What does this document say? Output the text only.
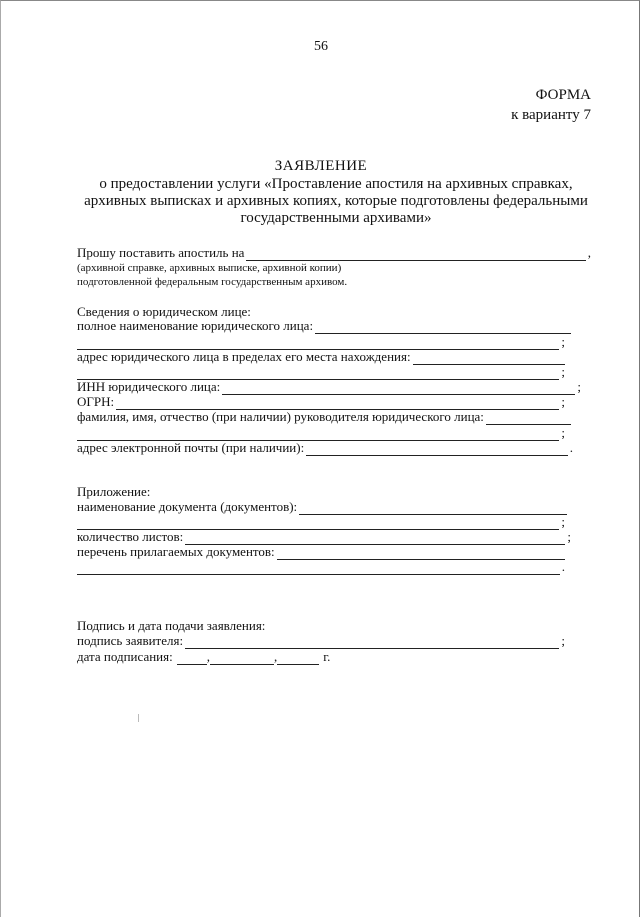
56
ФОРМА
к варианту 7
ЗАЯВЛЕНИЕ
о предоставлении услуги «Проставление апостиля на архивных справках, архивных выписках и архивных копиях, которые подготовлены федеральными государственными архивами»
Прошу поставить апостиль на	,
(архивной справке, архивных выписке, архивной копии)
подготовленной федеральным государственным архивом.
Сведения о юридическом лице:
полное наименование юридического лица:
;
адрес юридического лица в пределах его места нахождения:
;
ИНН юридического лица:	;
ОГРН:	;
фамилия, имя, отчество (при наличии) руководителя юридического лица:
;
адрес электронной почты (при наличии):	.
Приложение:
наименование документа (документов):
;
количество листов:	;
перечень прилагаемых документов:
.
Подпись и дата подачи заявления:
подпись заявителя:	;
дата подписания:	,	,	г.
